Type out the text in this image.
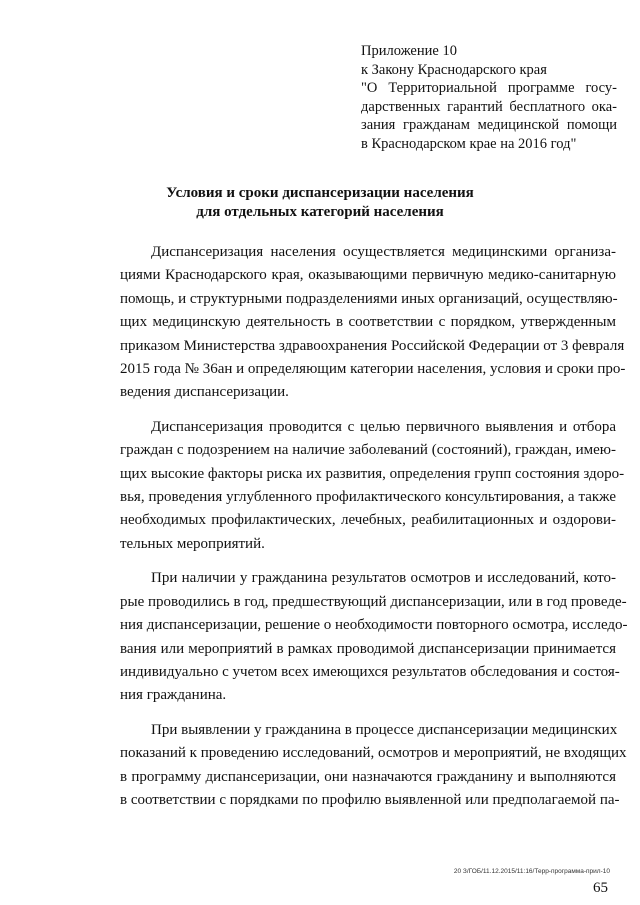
Приложение 10
к Закону Краснодарского края
"О Территориальной программе госу-
дарственных гарантий бесплатного ока-
зания гражданам медицинской помощи
в Краснодарском крае на 2016 год"
Условия и сроки диспансеризации населения
для отдельных категорий населения
Диспансеризация населения осуществляется медицинскими организа-
циями Краснодарского края, оказывающими первичную медико-санитарную
помощь, и структурными подразделениями иных организаций, осуществляю-
щих медицинскую деятельность в соответствии с порядком, утвержденным
приказом Министерства здравоохранения Российской Федерации от 3 февраля
2015 года № 36ан и определяющим категории населения, условия и сроки про-
ведения диспансеризации.
Диспансеризация проводится с целью первичного выявления и отбора
граждан с подозрением на наличие заболеваний (состояний), граждан, имею-
щих высокие факторы риска их развития, определения групп состояния здоро-
вья, проведения углубленного профилактического консультирования, а также
необходимых профилактических, лечебных, реабилитационных и оздорови-
тельных мероприятий.
При наличии у гражданина результатов осмотров и исследований, кото-
рые проводились в год, предшествующий диспансеризации, или в год проведе-
ния диспансеризации, решение о необходимости повторного осмотра, исследо-
вания или мероприятий в рамках проводимой диспансеризации принимается
индивидуально с учетом всех имеющихся результатов обследования и состоя-
ния гражданина.
При выявлении у гражданина в процессе диспансеризации медицинских
показаний к проведению исследований, осмотров и мероприятий, не входящих
в программу диспансеризации, они назначаются гражданину и выполняются
в соответствии с порядками по профилю выявленной или предполагаемой па-
20 З/ГОБ/11.12.2015/11:16/Терр-программа-прил-10
65
